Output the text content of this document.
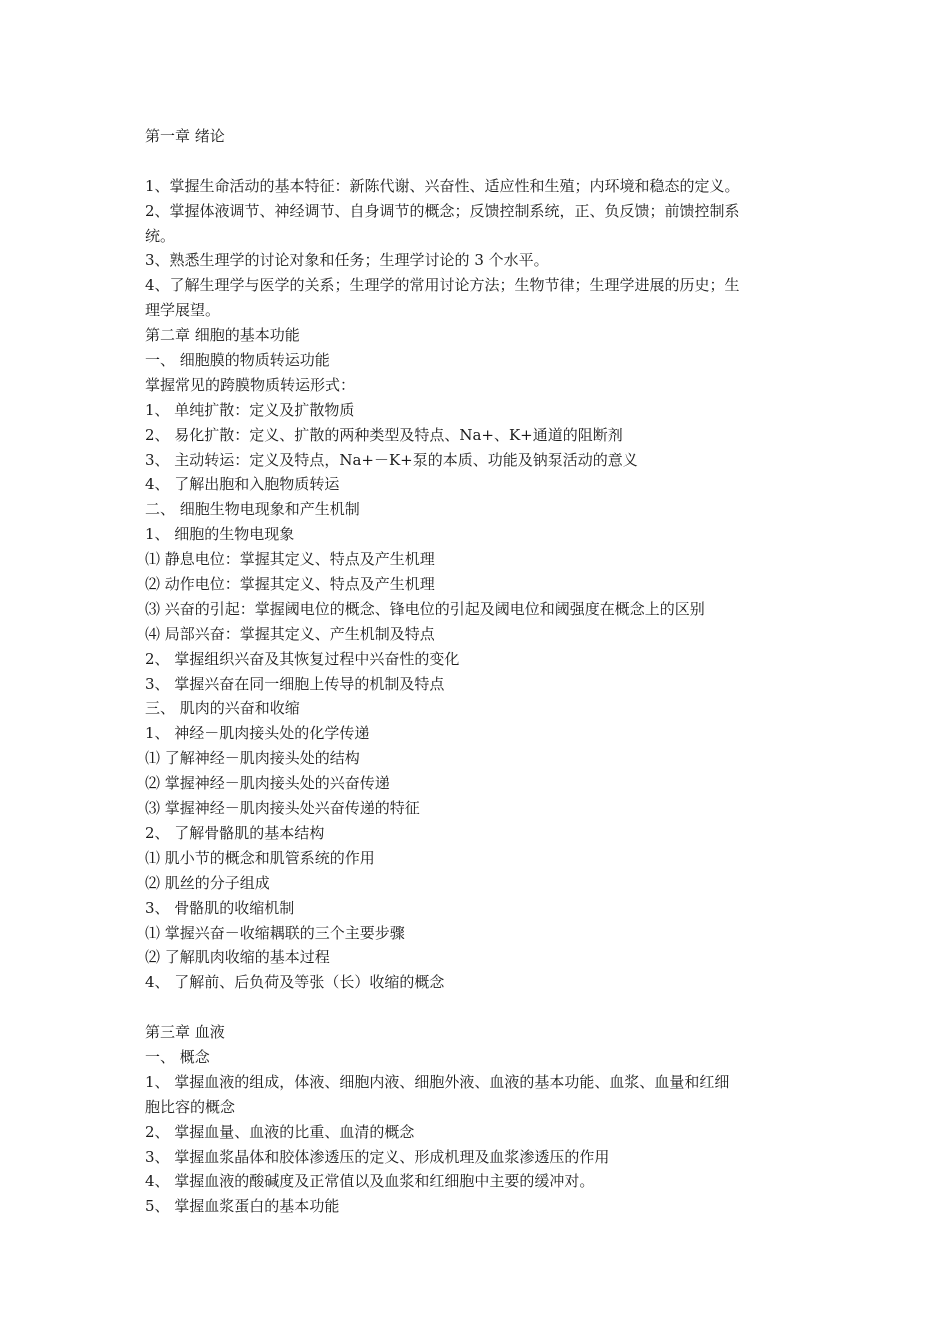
第一章 绪论
1、掌握生命活动的基本特征：新陈代谢、兴奋性、适应性和生殖；内环境和稳态的定义。
2、掌握体液调节、神经调节、自身调节的概念；反馈控制系统，正、负反馈；前馈控制系
统。
3、熟悉生理学的讨论对象和任务；生理学讨论的 3 个水平。
4、了解生理学与医学的关系；生理学的常用讨论方法；生物节律；生理学进展的历史；生
理学展望。
第二章 细胞的基本功能
一、 细胞膜的物质转运功能
掌握常见的跨膜物质转运形式：
1、 单纯扩散：定义及扩散物质
2、 易化扩散：定义、扩散的两种类型及特点、Na+、K+通道的阻断剂
3、 主动转运：定义及特点，Na+－K+泵的本质、功能及钠泵活动的意义
4、 了解出胞和入胞物质转运
二、 细胞生物电现象和产生机制
1、 细胞的生物电现象
⑴ 静息电位：掌握其定义、特点及产生机理
⑵ 动作电位：掌握其定义、特点及产生机理
⑶ 兴奋的引起：掌握阈电位的概念、锋电位的引起及阈电位和阈强度在概念上的区别
⑷ 局部兴奋：掌握其定义、产生机制及特点
2、 掌握组织兴奋及其恢复过程中兴奋性的变化
3、 掌握兴奋在同一细胞上传导的机制及特点
三、 肌肉的兴奋和收缩
1、 神经－肌肉接头处的化学传递
⑴ 了解神经－肌肉接头处的结构
⑵ 掌握神经－肌肉接头处的兴奋传递
⑶ 掌握神经－肌肉接头处兴奋传递的特征
2、 了解骨骼肌的基本结构
⑴ 肌小节的概念和肌管系统的作用
⑵ 肌丝的分子组成
3、 骨骼肌的收缩机制
⑴ 掌握兴奋－收缩耦联的三个主要步骤
⑵ 了解肌肉收缩的基本过程
4、 了解前、后负荷及等张（长）收缩的概念
第三章 血液
一、 概念
1、 掌握血液的组成，体液、细胞内液、细胞外液、血液的基本功能、血浆、血量和红细
胞比容的概念
2、 掌握血量、血液的比重、血清的概念
3、 掌握血浆晶体和胶体渗透压的定义、形成机理及血浆渗透压的作用
4、 掌握血液的酸碱度及正常值以及血浆和红细胞中主要的缓冲对。
5、 掌握血浆蛋白的基本功能
